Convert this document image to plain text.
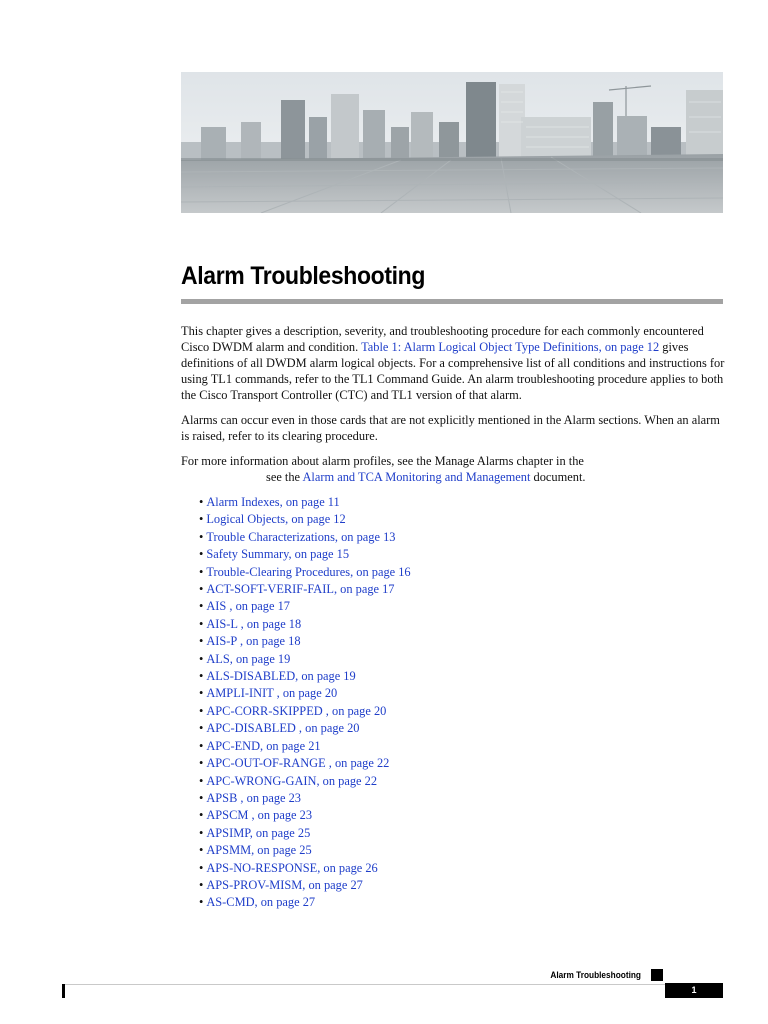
Alarm Troubleshooting

This chapter gives a description, severity, and troubleshooting procedure for each commonly encountered Cisco DWDM alarm and condition. Table 1: Alarm Logical Object Type Definitions, on page 12 gives definitions of all DWDM alarm logical objects. For a comprehensive list of all conditions and instructions for using TL1 commands, refer to the TL1 Command Guide. An alarm troubleshooting procedure applies to both the Cisco Transport Controller (CTC) and TL1 version of that alarm.

Alarms can occur even in those cards that are not explicitly mentioned in the Alarm sections. When an alarm is raised, refer to its clearing procedure.

For more information about alarm profiles, see the Manage Alarms chapter in the
see the Alarm and TCA Monitoring and Management document.

• Alarm Indexes, on page 11
• Logical Objects, on page 12
• Trouble Characterizations, on page 13
• Safety Summary, on page 15
• Trouble-Clearing Procedures, on page 16
• ACT-SOFT-VERIF-FAIL, on page 17
• AIS , on page 17
• AIS-L , on page 18
• AIS-P , on page 18
• ALS, on page 19
• ALS-DISABLED, on page 19
• AMPLI-INIT , on page 20
• APC-CORR-SKIPPED , on page 20
• APC-DISABLED , on page 20
• APC-END, on page 21
• APC-OUT-OF-RANGE , on page 22
• APC-WRONG-GAIN, on page 22
• APSB , on page 23
• APSCM , on page 23
• APSIMP, on page 25
• APSMM, on page 25
• APS-NO-RESPONSE, on page 26
• APS-PROV-MISM, on page 27
• AS-CMD, on page 27
Alarm Troubleshooting
1
